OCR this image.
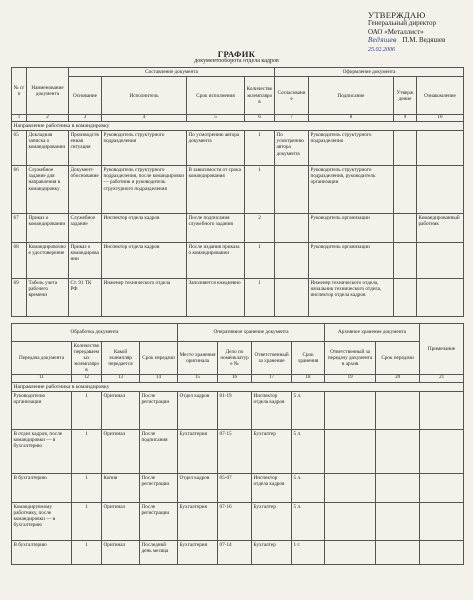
УТВЕРЖДАЮ
Генеральный директор
ОАО «Металлист»
Ведяшев П.М. Ведяшев
25.02.2006
ГРАФИК
документооборота отдела кадров
№ п/п	Наименование документа	Составление документа				Оформление документа			
		Основание	Исполнитель	Срок исполнения	Количество экземпляров	Согласование	Подписание	Утверждение	Ознакомление
1	2	3	4	5	6	7	8	9	10
Направление работника в командировку									
65	Докладная записка о командировании	Производственная ситуация	Руководитель структурного подразделения	По усмотрению автора документа	1	По усмотрению автора документа	Руководитель структурного подразделения		
66	Служебное задание для направления в командировку	Документ-обоснование	Руководитель структурного подразделения, после командировки — работник и руководитель структурного подразделения	В зависимости от срока командирования	1		Руководитель структурного подразделения, руководитель организации		
67	Приказ о командировании	Служебное задание	Инспектор отдела кадров	После подписания служебного задания	2		Руководитель организации		Командированный работник
68	Командировочное удостоверение	Приказ о командировании	Инспектор отдела кадров	После издания приказа о командировании	1		Руководитель организации		
69	Табель учета рабочего времени	Ст. 91 ТК РФ	Инженер технического отдела	Заполняется ежедневно	1		Инженер технического отдела, начальник технического отдела, инспектор отдела кадров		
Обработка документа				Оперативное хранение документа				Архивное хранение документа		Примечание
Передача документа	Количество передаваемых экземпляров	Какой экземпляр передается	Срок передачи	Место хранения оригинала	Дело по номенклатуре №	Ответственный за хранение	Срок хранения	Ответственный за передачу документа в архив	Срок передачи	
11	12	13	14	15	16	17	18	19	20	21
Направление работника в командировку										
Руководителю организации	1	Оригинал	После регистрации	Отдел кадров	01-19	Инспектор отдела кадров	5 л.			
В отдел кадров, после командировки — в бухгалтерию	1	Оригинал	После подписания	Бухгалтерия	07-15	Бухгалтер	5 л.			
В бухгалтерию	1	Копия	После регистрации	Отдел кадров	05-07	Инспектор отдела кадров	5 л.			
Командируемому работнику, после командировки — в бухгалтерию	1	Оригинал	После регистрации	Бухгалтерия	07-16	Бухгалтер	5 л.			
В бухгалтерию	1	Оригинал	Последний день месяца	Бухгалтерия	07-14	Бухгалтер	1 г.			
